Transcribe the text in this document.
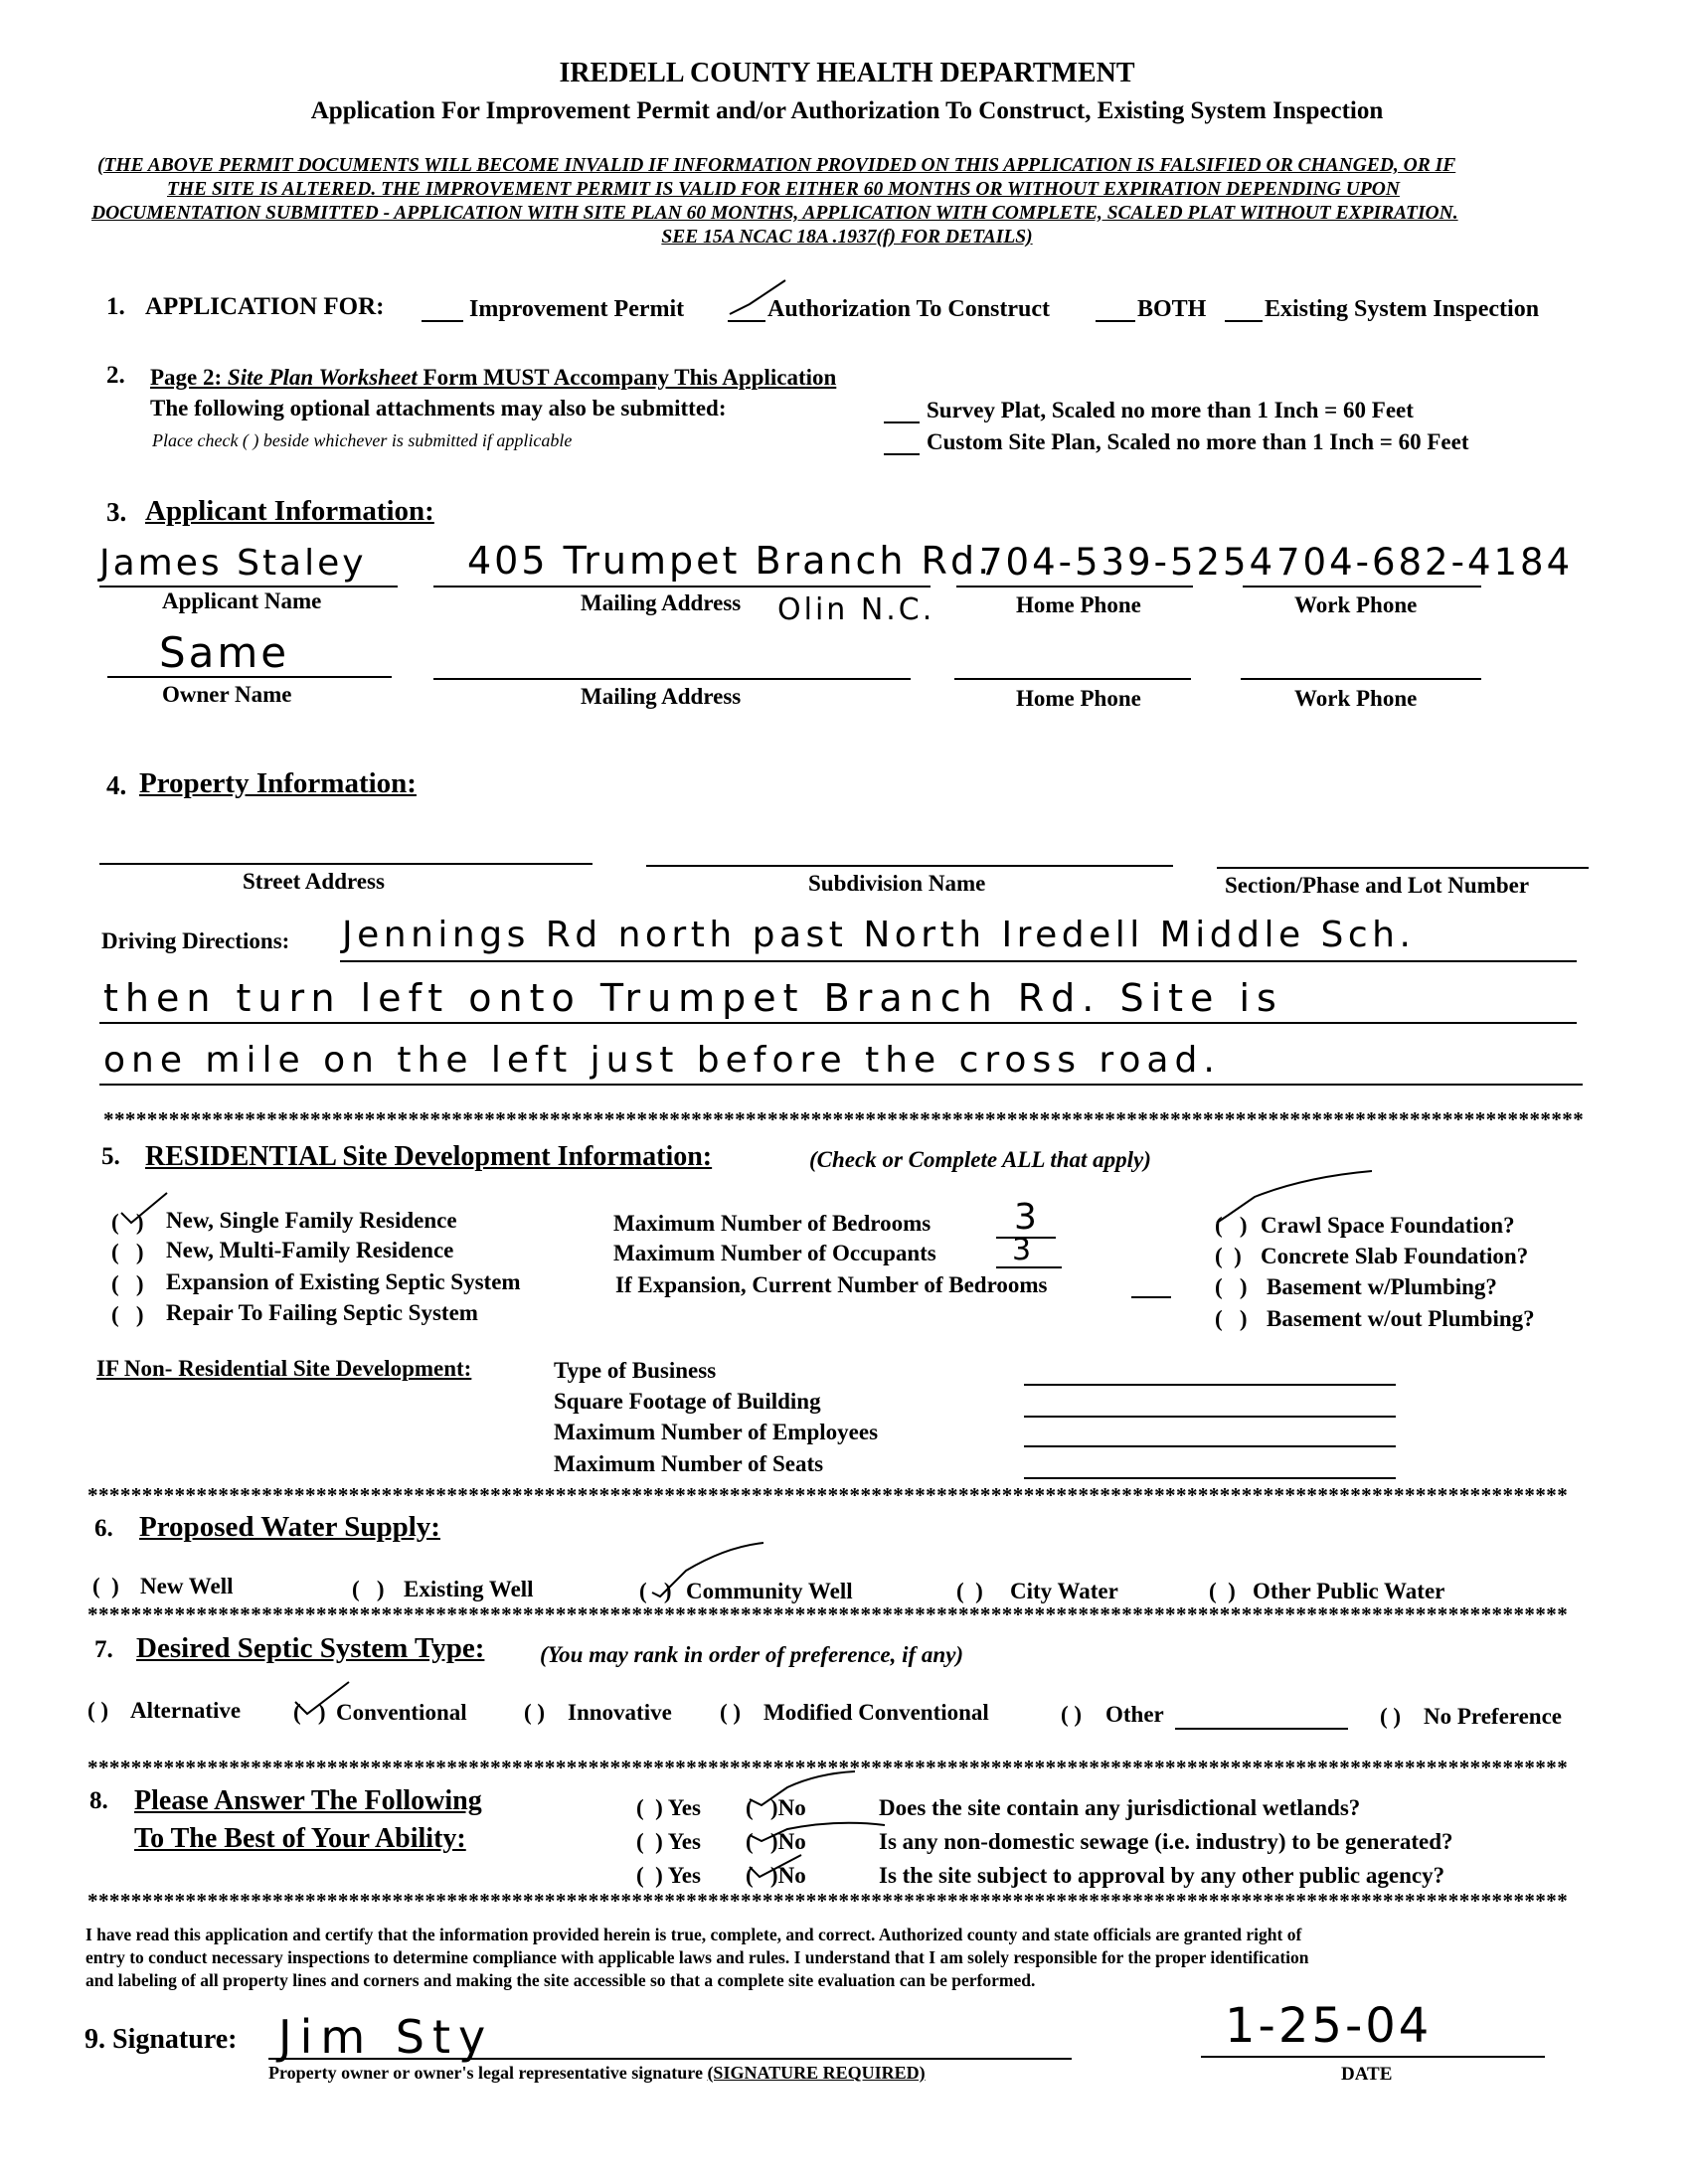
IREDELL COUNTY HEALTH DEPARTMENT
Application For Improvement Permit and/or Authorization To Construct, Existing System Inspection
(THE ABOVE PERMIT DOCUMENTS WILL BECOME INVALID IF INFORMATION PROVIDED ON THIS APPLICATION IS FALSIFIED OR CHANGED, OR IF
THE SITE IS ALTERED. THE IMPROVEMENT PERMIT IS VALID FOR EITHER 60 MONTHS OR WITHOUT EXPIRATION DEPENDING UPON
DOCUMENTATION SUBMITTED - APPLICATION WITH SITE PLAN 60 MONTHS, APPLICATION WITH COMPLETE, SCALED PLAT WITHOUT EXPIRATION.
SEE 15A NCAC 18A .1937(f) FOR DETAILS)
1. APPLICATION FOR:	Improvement Permit	Authorization To Construct	BOTH Existing System Inspection
2. Page 2: Site Plan Worksheet Form MUST Accompany This Application
The following optional attachments may also be submitted:
Place check ( ) beside whichever is submitted if applicable
Survey Plat, Scaled no more than 1 Inch = 60 Feet
Custom Site Plan, Scaled no more than 1 Inch = 60 Feet
3. Applicant Information:
James Staley
Applicant Name
405 Trumpet Branch Rd.
Mailing Address Olin N.C.
704-539-5254
Home Phone
704-682-4184
Work Phone
Same
Owner Name	Mailing Address	Home Phone	Work Phone
4. Property Information:
Street Address	Subdivision Name	Section/Phase and Lot Number
Driving Directions: Jennings Rd north past North Iredell Middle Sch.
then turn left onto Trumpet Branch Rd. Site is
one mile on the left just before the cross road.
****************************************************************************************************************************************
5. RESIDENTIAL Site Development Information:	(Check or Complete ALL that apply)
(   ) New, Single Family Residence
(   ) New, Multi-Family Residence
(   ) Expansion of Existing Septic System
(   ) Repair To Failing Septic System
Maximum Number of Bedrooms 3
Maximum Number of Occupants	3
If Expansion, Current Number of Bedrooms
(   ) Crawl Space Foundation?
(  ) Concrete Slab Foundation?
(   ) Basement w/Plumbing?
(   ) Basement w/out Plumbing?
IF Non- Residential Site Development:	Type of Business
Square Footage of Building
Maximum Number of Employees
Maximum Number of Seats
****************************************************************************************************************************************
6. Proposed Water Supply:
(  ) New Well	(   ) Existing Well	(   ) Community Well	(  ) City Water	(  ) Other Public Water
****************************************************************************************************************************************
7. Desired Septic System Type: (You may rank in order of preference, if any)
( ) Alternative (   ) Conventional ( ) Innovative ( ) Modified Conventional	( ) Other	( ) No Preference
****************************************************************************************************************************************
8. Please Answer The Following
To The Best of Your Ability:
(  ) Yes (   )No	Does the site contain any jurisdictional wetlands?
(  ) Yes (   )No	Is any non-domestic sewage (i.e. industry) to be generated?
(  ) Yes (   )No	Is the site subject to approval by any other public agency?
****************************************************************************************************************************************
I have read this application and certify that the information provided herein is true, complete, and correct. Authorized county and state officials are granted right of
entry to conduct necessary inspections to determine compliance with applicable laws and rules. I understand that I am solely responsible for the proper identification
and labeling of all property lines and corners and making the site accessible so that a complete site evaluation can be performed.
9. Signature: Jim Sty
Property owner or owner's legal representative signature (SIGNATURE REQUIRED)
1-25-04
DATE
